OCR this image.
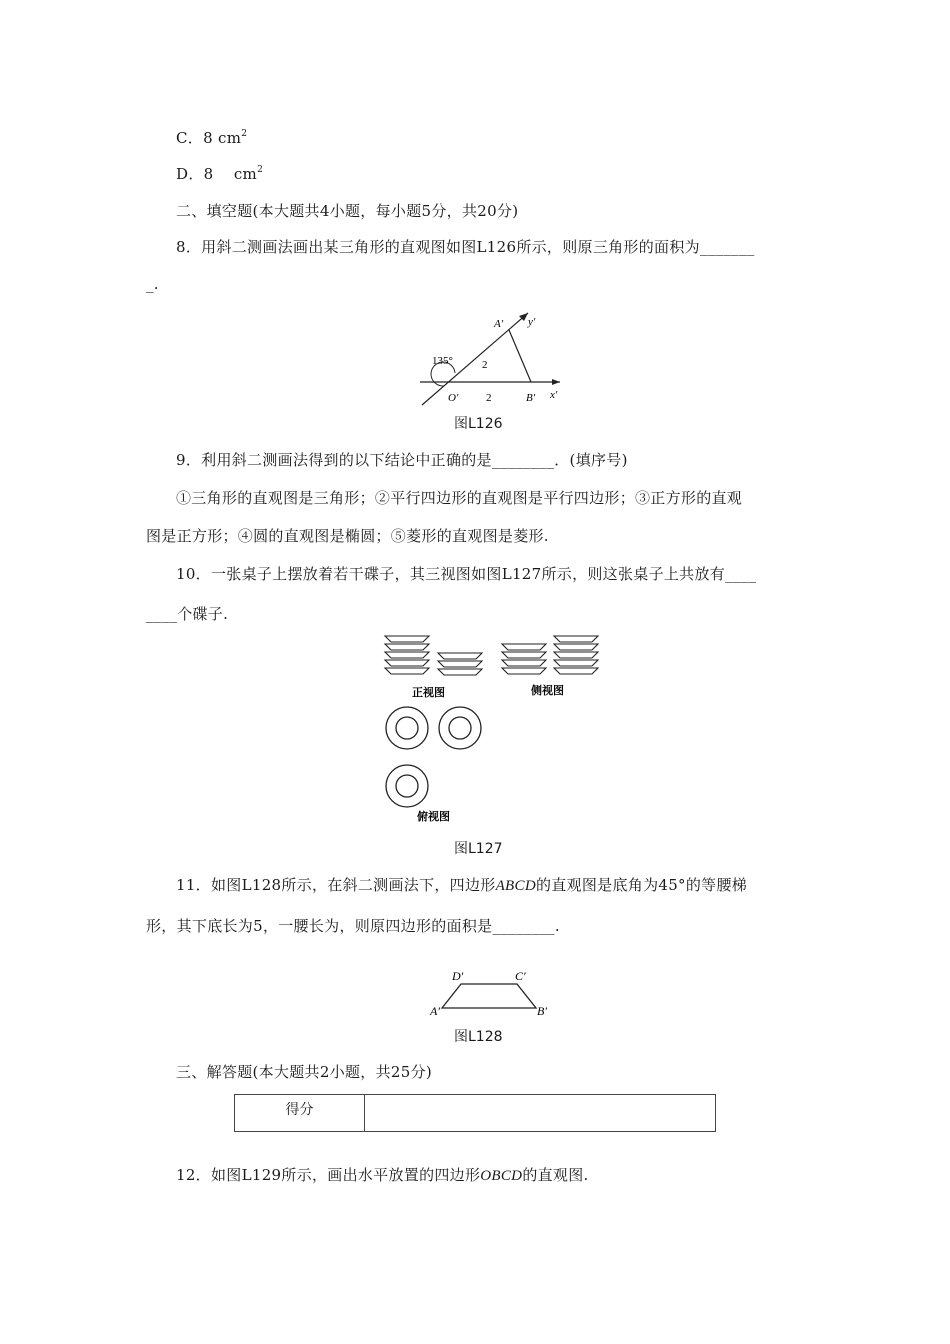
C．8 $cm^2$
D．8 　$cm^2$
二、填空题(本大题共4小题，每小题5分，共20分)
8．用斜二测画法画出某三角形的直观图如图L126所示，则原三角形的面积为_______
_.
135°
A′ y′
2
O′	2	B′ x′
图L126
9．利用斜二测画法得到的以下结论中正确的是________．(填序号)
①三角形的直观图是三角形；②平行四边形的直观图是平行四边形；③正方形的直观
图是正方形；④圆的直观图是椭圆；⑤菱形的直观图是菱形.
10．一张桌子上摆放着若干碟子，其三视图如图L127所示，则这张桌子上共放有____
____个碟子.
正视图	侧视图
俯视图
图L127
11．如图L128所示，在斜二测画法下，四边形ABCD的直观图是底角为45°的等腰梯
形，其下底长为5，一腰长为，则原四边形的面积是________.
D′	C′
A′	B′
图L128
三、解答题(本大题共2小题，共25分)
得分
12．如图L129所示，画出水平放置的四边形OBCD的直观图.
